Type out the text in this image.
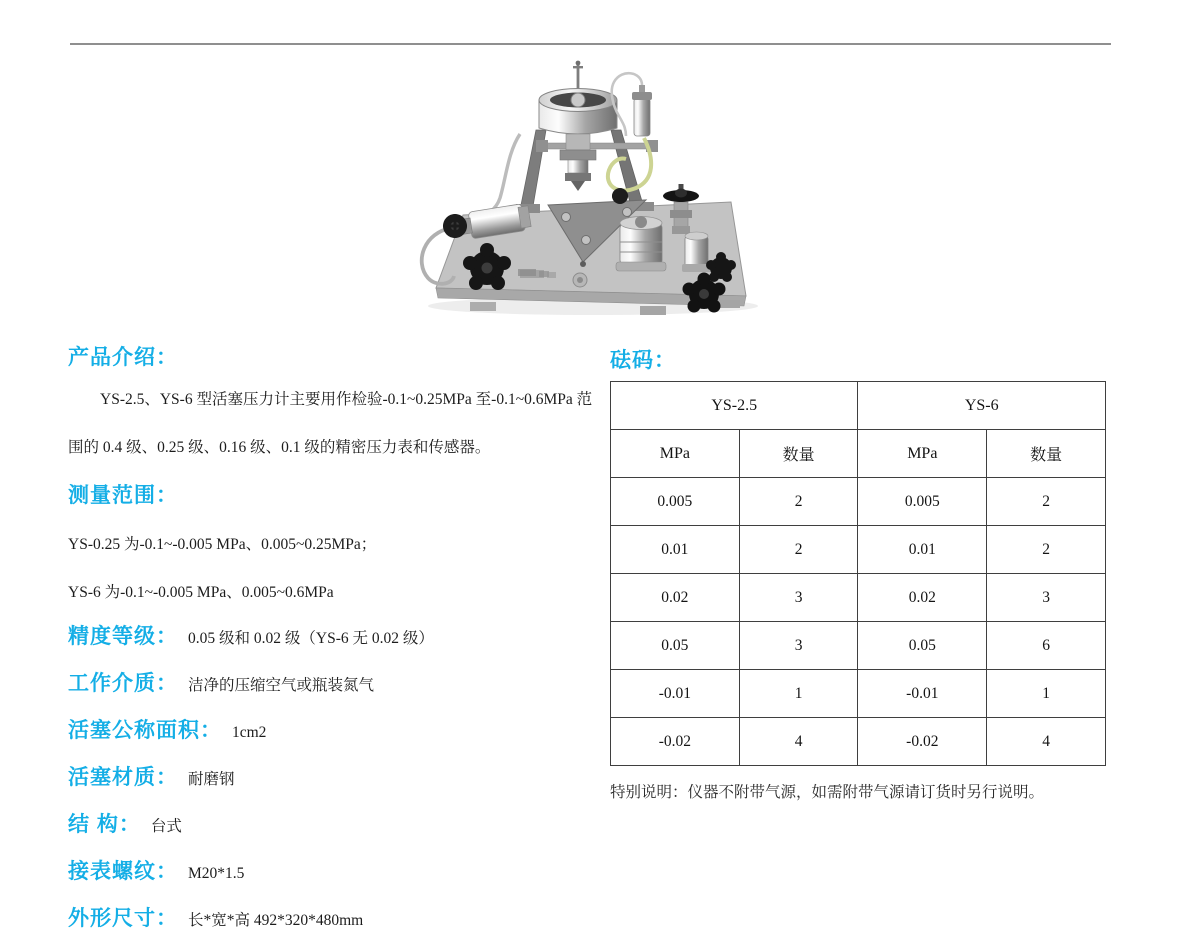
产品介绍：
YS-2.5、YS-6 型活塞压力计主要用作检验-0.1~0.25MPa 至-0.1~0.6MPa 范
围的 0.4 级、0.25 级、0.16 级、0.1 级的精密压力表和传感器。
测量范围：
YS-0.25 为-0.1~-0.005 MPa、0.005~0.25MPa；
YS-6 为-0.1~-0.005 MPa、0.005~0.6MPa
精度等级： 0.05 级和 0.02 级（YS-6 无 0.02 级）
工作介质： 洁净的压缩空气或瓶装氮气
活塞公称面积： 1cm2
活塞材质： 耐磨钢
结 构： 台式
接表螺纹： M20*1.5
外形尺寸： 长*宽*高 492*320*480mm
砝码：
YS-2.5		YS-6	
MPa	数量	MPa	数量
0.005	2	0.005	2
0.01	2	0.01	2
0.02	3	0.02	3
0.05	3	0.05	6
-0.01	1	-0.01	1
-0.02	4	-0.02	4
特别说明：仪器不附带气源，如需附带气源请订货时另行说明。
